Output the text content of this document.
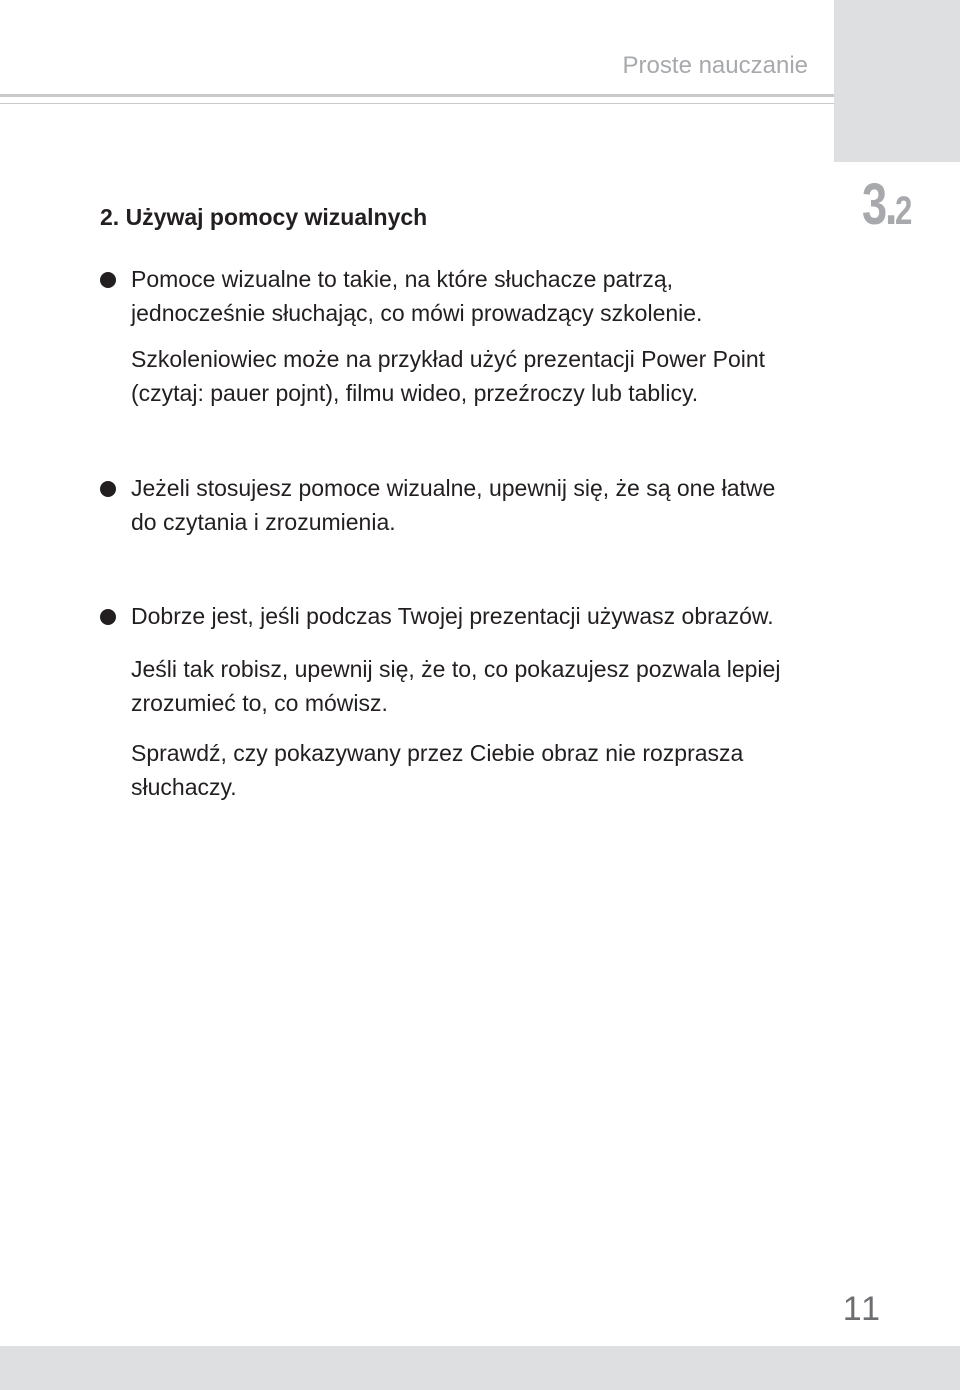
Proste nauczanie
3.2
2. Używaj pomocy wizualnych
Pomoce wizualne to takie, na które słuchacze patrzą,
jednocześnie słuchając, co mówi prowadzący szkolenie.
Szkoleniowiec może na przykład użyć prezentacji Power Point
(czytaj: pauer pojnt), filmu wideo, przeźroczy lub tablicy.
Jeżeli stosujesz pomoce wizualne, upewnij się, że są one łatwe
do czytania i zrozumienia.
Dobrze jest, jeśli podczas Twojej prezentacji używasz obrazów.
Jeśli tak robisz, upewnij się, że to, co pokazujesz pozwala lepiej
zrozumieć to, co mówisz.
Sprawdź, czy pokazywany przez Ciebie obraz nie rozprasza
słuchaczy.
11
